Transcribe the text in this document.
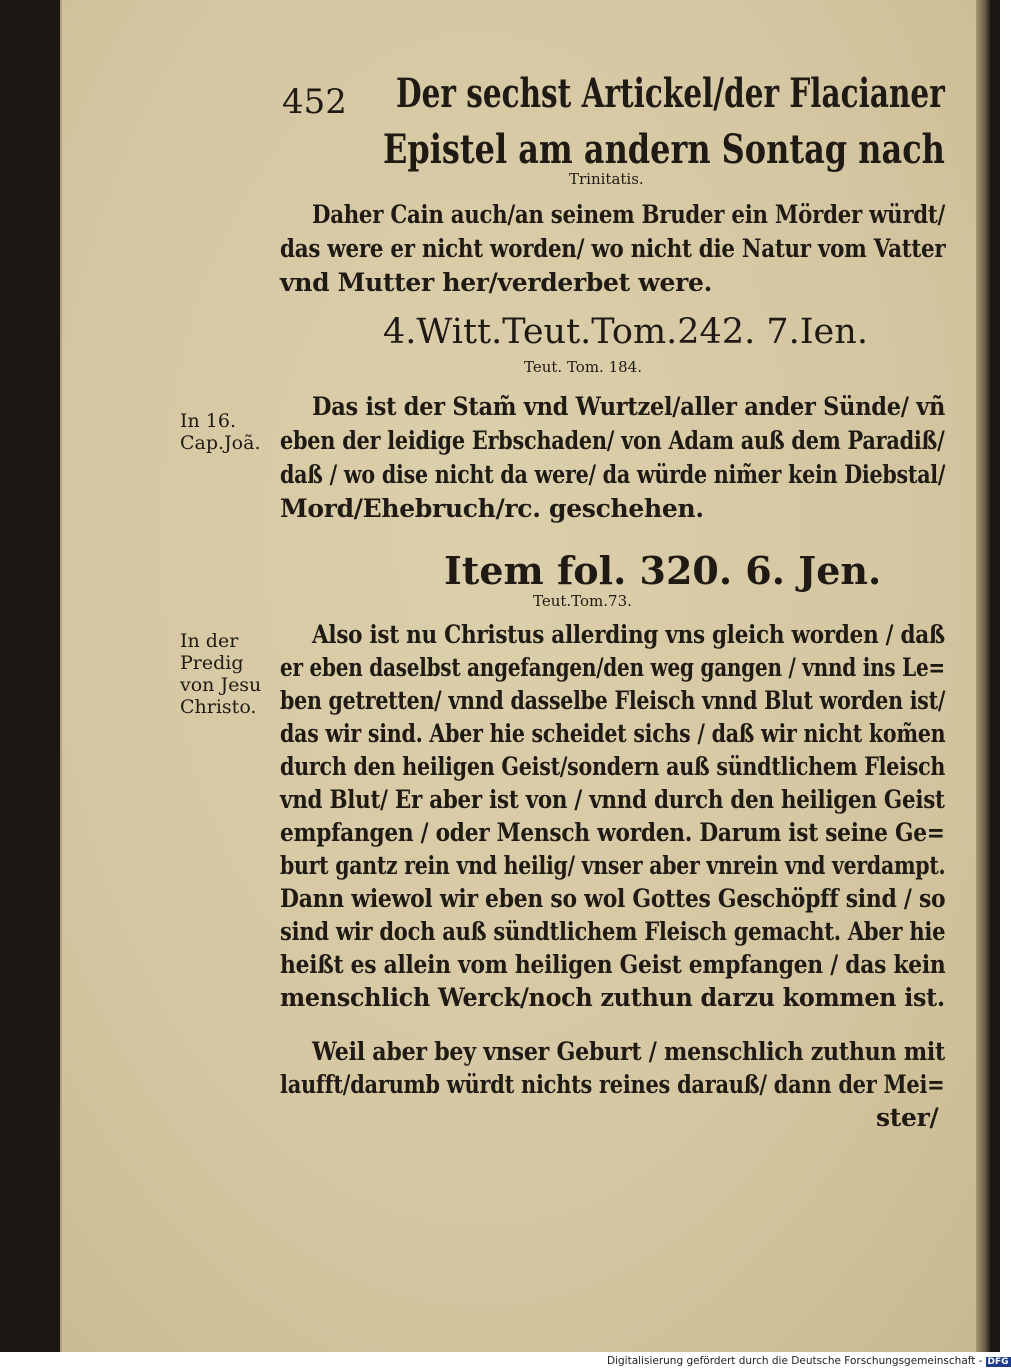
452 Der sechst Artickel/der Flacianer
Epistel am andern Sontag nach
Trinitatis.
Daher Cain auch/an seinem Bruder ein Mörder würdt/
das were er nicht worden/ wo nicht die Natur vom Vatter
vnd Mutter her/verderbet were.
4.Witt.Teut.Tom.242. 7.Ien.
Teut. Tom. 184.
In 16.
Cap.Joã.
Das ist der Stam̃ vnd Wurtzel/aller ander Sünde/ vñ
eben der leidige Erbschaden/ von Adam auß dem Paradiß/
daß / wo dise nicht da were/ da würde nim̃er kein Diebstal/
Mord/Ehebruch/rc. geschehen.
Item fol. 320. 6. Jen.
Teut.Tom.73.
In der
Predig
von Jesu
Christo.
Also ist nu Christus allerding vns gleich worden / daß
er eben daselbst angefangen/den weg gangen / vnnd ins Le=
ben getretten/ vnnd dasselbe Fleisch vnnd Blut worden ist/
das wir sind. Aber hie scheidet sichs / daß wir nicht kom̃en
durch den heiligen Geist/sondern auß sündtlichem Fleisch
vnd Blut/ Er aber ist von / vnnd durch den heiligen Geist
empfangen / oder Mensch worden. Darum ist seine Ge=
burt gantz rein vnd heilig/ vnser aber vnrein vnd verdampt.
Dann wiewol wir eben so wol Gottes Geschöpff sind / so
sind wir doch auß sündtlichem Fleisch gemacht. Aber hie
heißt es allein vom heiligen Geist empfangen / das kein
menschlich Werck/noch zuthun darzu kommen ist.
Weil aber bey vnser Geburt / menschlich zuthun mit
laufft/darumb würdt nichts reines darauß/ dann der Mei=
ster/
Digitalisierung gefördert durch die Deutsche Forschungsgemeinschaft - DFG
